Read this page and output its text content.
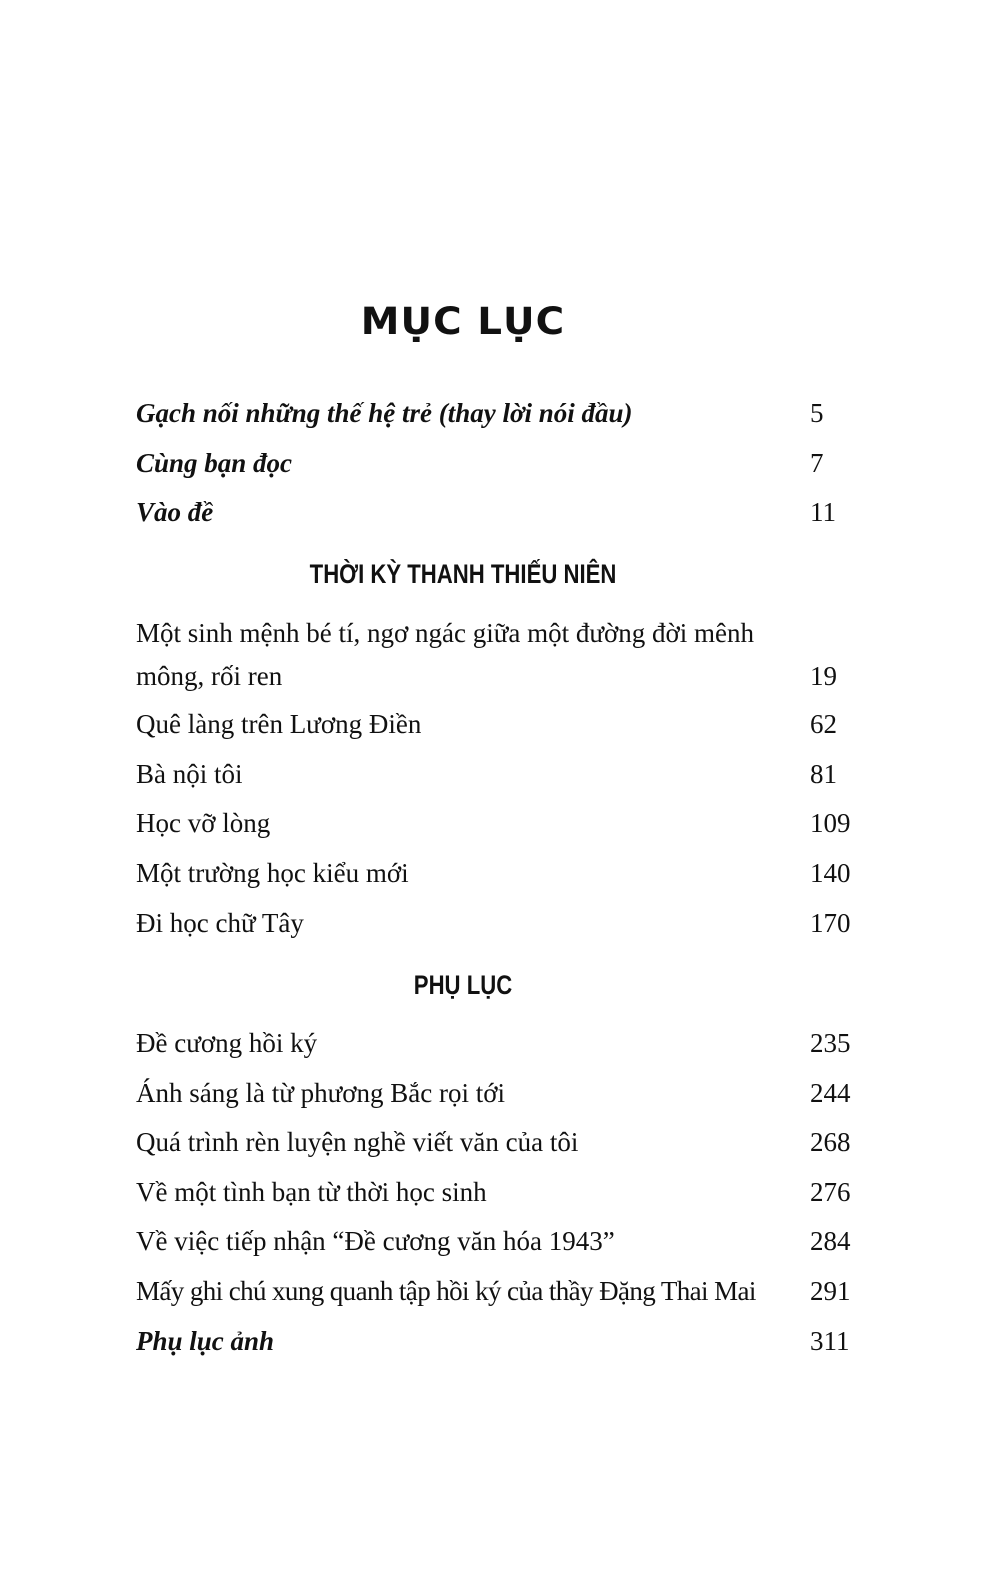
MỤC LỤC
Gạch nối những thế hệ trẻ (thay lời nói đầu)	5
Cùng bạn đọc	7
Vào đề	11
THỜI KỲ THANH THIẾU NIÊN
Một sinh mệnh bé tí, ngơ ngác giữa một đường đời mênh mông, rối ren	19
Quê làng trên Lương Điền	62
Bà nội tôi	81
Học vỡ lòng	109
Một trường học kiểu mới	140
Đi học chữ Tây	170
PHỤ LỤC
Đề cương hồi ký	235
Ánh sáng là từ phương Bắc rọi tới	244
Quá trình rèn luyện nghề viết văn của tôi	268
Về một tình bạn từ thời học sinh	276
Về việc tiếp nhận “Đề cương văn hóa 1943”	284
Mấy ghi chú xung quanh tập hồi ký của thầy Đặng Thai Mai	291
Phụ lục ảnh	311
